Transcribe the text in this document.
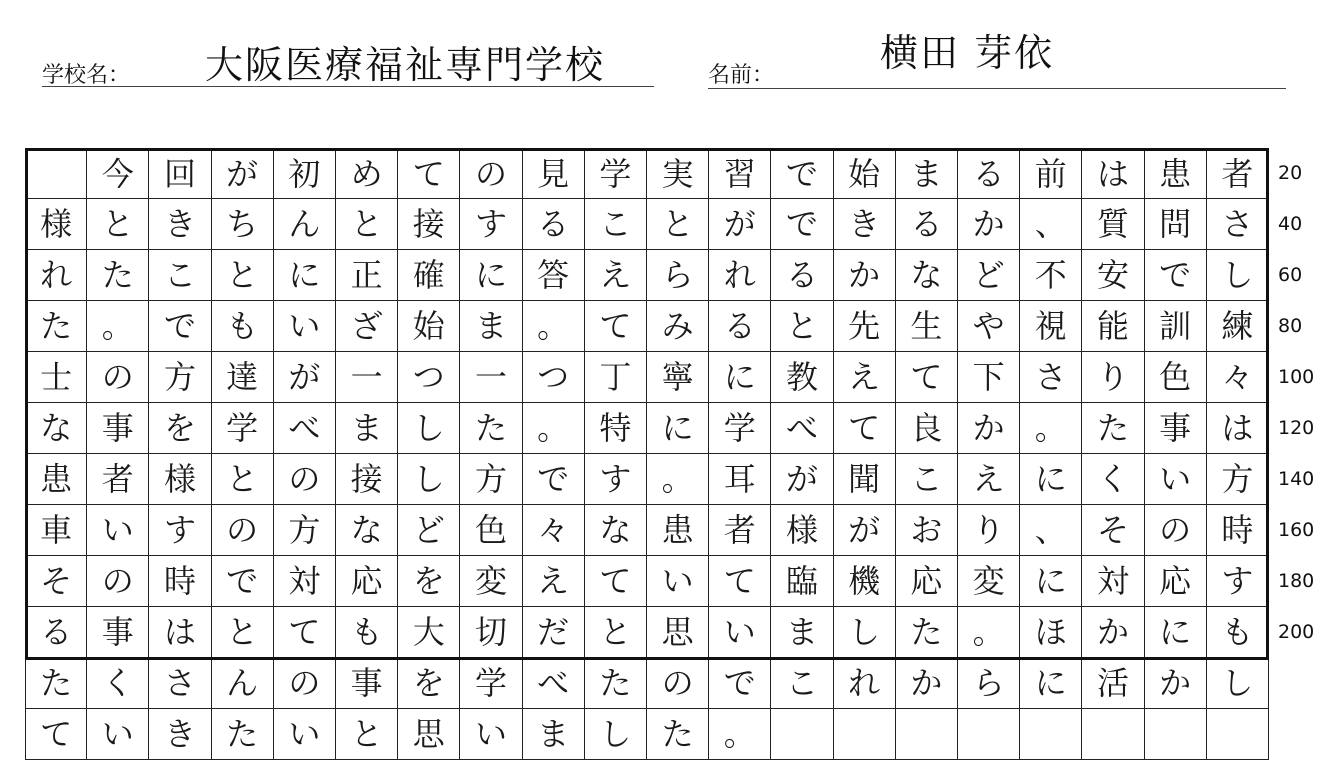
学校名： 大阪医療福祉専門学校	名前：
横田 芽依
今 回 が 初 め て の 見 学 実 習 で 始 ま る 前 は 患 者
様 と き ち ん と 接 す る こ と が で き る か 、 質 問 さ
れ た こ と に 正 確 に 答 え ら れ る か な ど 不 安 で し
た 。 で も い ざ 始 ま 。 て み る と 先 生 や 視 能 訓 練
士 の 方 達 が 一 つ 一 つ 丁 寧 に 教 え て 下 さ り 色 々
な 事 を 学 べ ま し た 。 特 に 学 べ て 良 か 。 た 事 は
患 者 様 と の 接 し 方 で す 。 耳 が 聞 こ え に く い 方
車 い す の 方 な ど 色 々 な 患 者 様 が お り 、 そ の 時
そ の 時 で 対 応 を 変 え て い て 臨 機 応 変 に 対 応 す
る 事 は と て も 大 切 だ と 思 い ま し た 。 ほ か に も
た く さ ん の 事 を 学 べ た の で こ れ か ら に 活 か し
て い き た い と 思 い ま し た 。
20
40
60
80
100
120
140
160
180
200
